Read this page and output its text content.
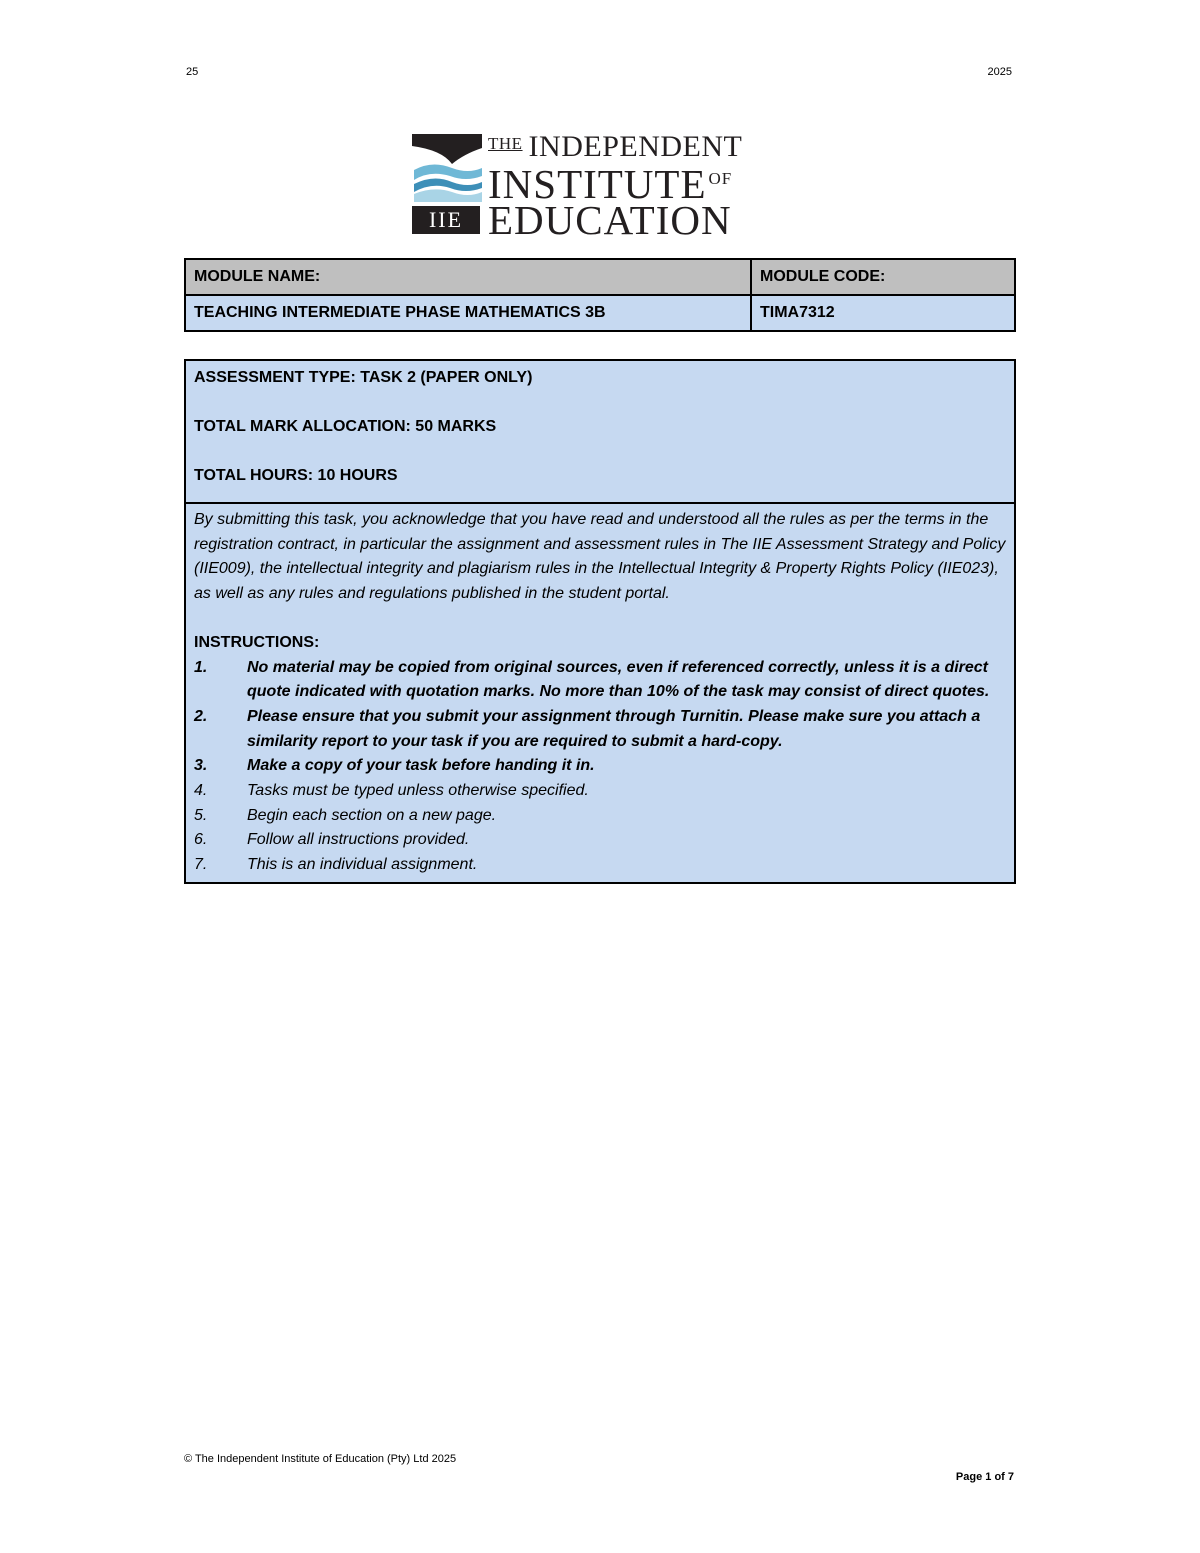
25	2025
IIE
$^{THE}$ INDEPENDENT
INSTITUTE OF
EDUCATION
MODULE NAME:	MODULE CODE:
TEACHING INTERMEDIATE PHASE MATHEMATICS 3B	TIMA7312

ASSESSMENT TYPE: TASK 2 (PAPER ONLY)

TOTAL MARK ALLOCATION: 50 MARKS

TOTAL HOURS: 10 HOURS

By submitting this task, you acknowledge that you have read and understood all the rules as per the terms in the registration contract, in particular the assignment and assessment rules in The IIE Assessment Strategy and Policy (IIE009), the intellectual integrity and plagiarism rules in the Intellectual Integrity & Property Rights Policy (IIE023), as well as any rules and regulations published in the student portal.

INSTRUCTIONS:

1. No material may be copied from original sources, even if referenced correctly, unless it is a direct quote indicated with quotation marks. No more than 10% of the task may consist of direct quotes.
2. Please ensure that you submit your assignment through Turnitin. Please make sure you attach a similarity report to your task if you are required to submit a hard-copy.
3. Make a copy of your task before handing it in.
4. Tasks must be typed unless otherwise specified.
5. Begin each section on a new page.
6. Follow all instructions provided.
7. This is an individual assignment.
© The Independent Institute of Education (Pty) Ltd 2025
Page 1 of 7
